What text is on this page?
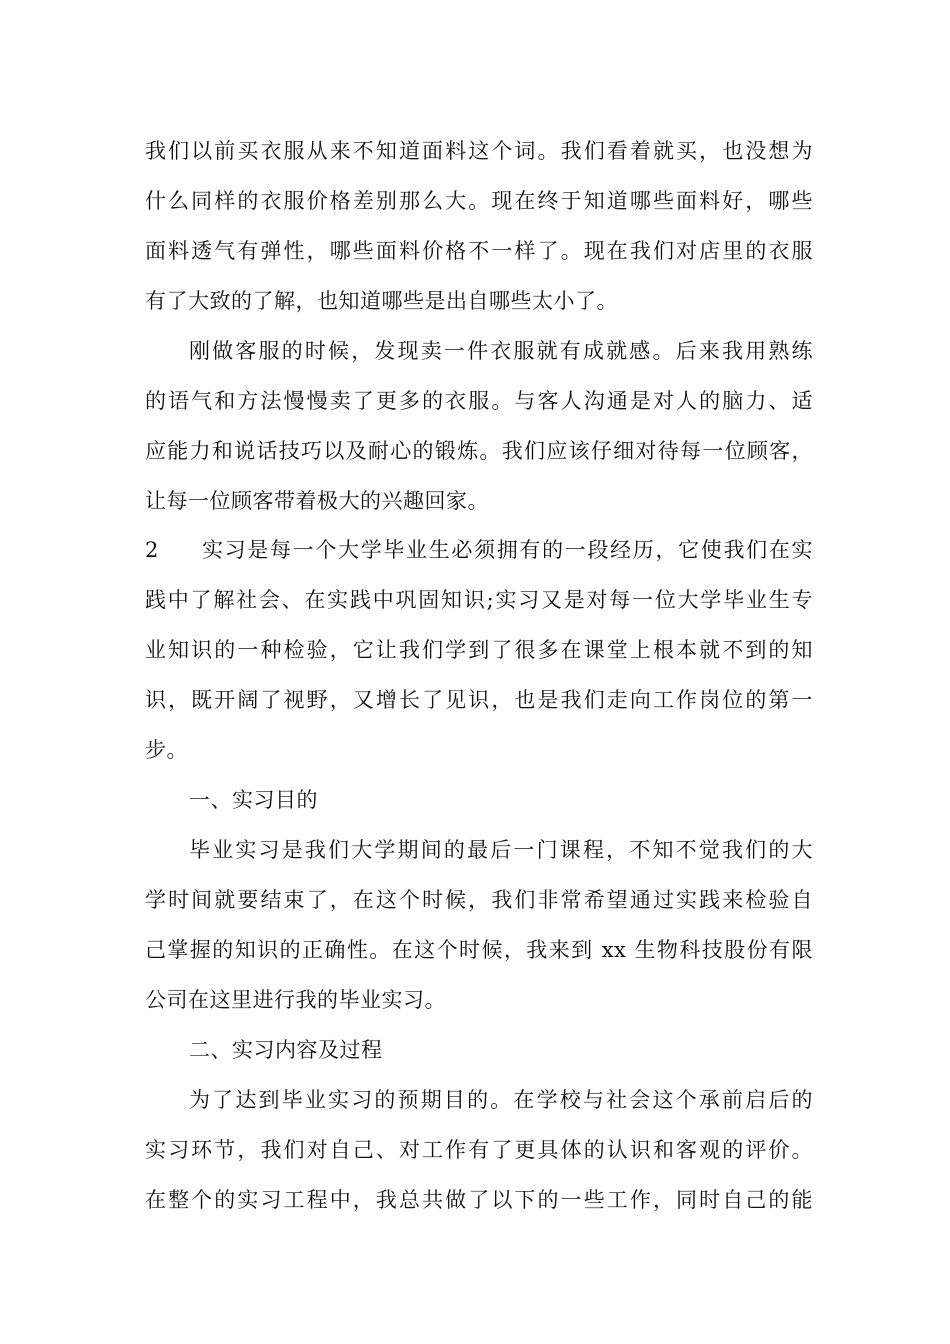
我们以前买衣服从来不知道面料这个词。我们看着就买，也没想为
什么同样的衣服价格差别那么大。现在终于知道哪些面料好，哪些
面料透气有弹性，哪些面料价格不一样了。现在我们对店里的衣服
有了大致的了解，也知道哪些是出自哪些太小了。
刚做客服的时候，发现卖一件衣服就有成就感。后来我用熟练
的语气和方法慢慢卖了更多的衣服。与客人沟通是对人的脑力、适
应能力和说话技巧以及耐心的锻炼。我们应该仔细对待每一位顾客，
让每一位顾客带着极大的兴趣回家。
2	实习是每一个大学毕业生必须拥有的一段经历，它使我们在实
践中了解社会、在实践中巩固知识;实习又是对每一位大学毕业生专
业知识的一种检验，它让我们学到了很多在课堂上根本就不到的知
识，既开阔了视野，又增长了见识，也是我们走向工作岗位的第一
步。
一、实习目的
毕业实习是我们大学期间的最后一门课程，不知不觉我们的大
学时间就要结束了，在这个时候，我们非常希望通过实践来检验自
己掌握的知识的正确性。在这个时候，我来到 xx 生物科技股份有限
公司在这里进行我的毕业实习。
二、实习内容及过程
为了达到毕业实习的预期目的。在学校与社会这个承前启后的
实习环节，我们对自己、对工作有了更具体的认识和客观的评价。
在整个的实习工程中，我总共做了以下的一些工作，同时自己的能
